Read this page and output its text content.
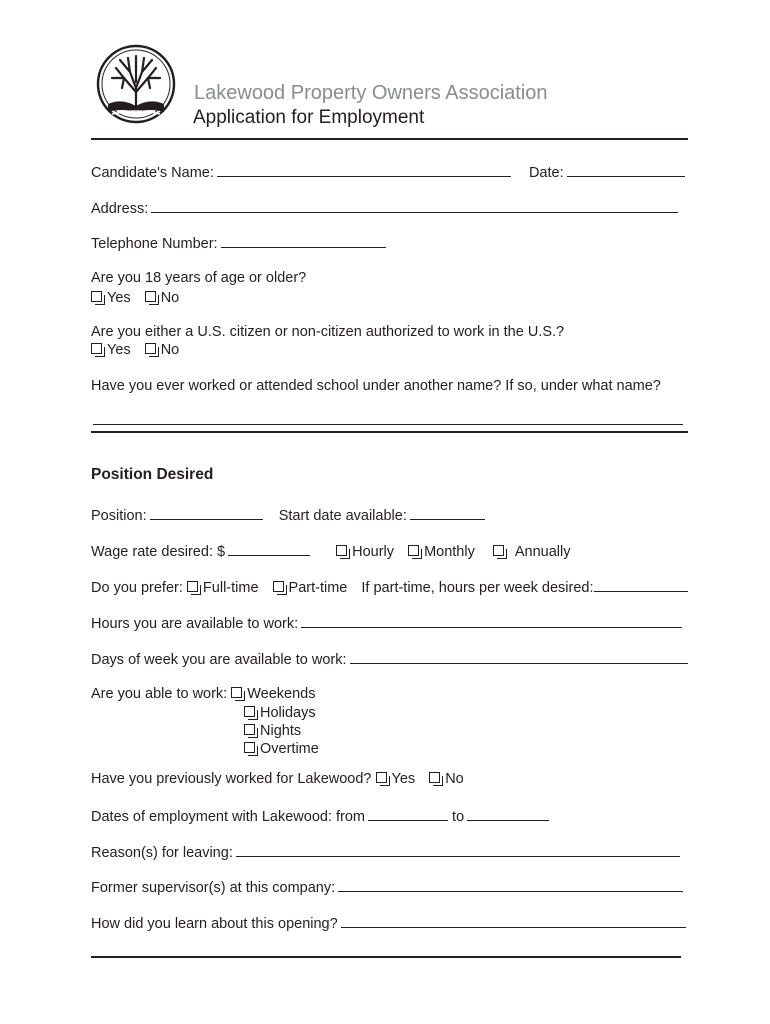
Lakewood Property Owners Association
Application for Employment
Candidate's Name:	Date:
Address:
Telephone Number:
Are you 18 years of age or older?
Yes No
Are you either a U.S. citizen or non-citizen authorized to work in the U.S.?
Yes No
Have you ever worked or attended school under another name? If so, under what name?
Position Desired
Position:	Start date available:
Wage rate desired: $	Hourly Monthly	Annually
Do you prefer: Full-time Part-time If part-time, hours per week desired:
Hours you are available to work:
Days of week you are available to work:
Are you able to work: Weekends
Holidays
Nights
Overtime
Have you previously worked for Lakewood? Yes No
Dates of employment with Lakewood: from	to
Reason(s) for leaving:
Former supervisor(s) at this company:
How did you learn about this opening?
